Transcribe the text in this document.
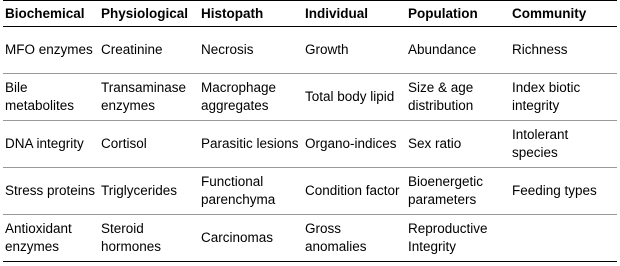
Biochemical	Physiological	Histopath	Individual	Population	Community
MFO enzymes	Creatinine	Necrosis	Growth	Abundance	Richness
Bile metabolites	Transaminase enzymes	Macrophage aggregates	Total body lipid	Size & age distribution	Index biotic integrity
DNA integrity	Cortisol	Parasitic lesions	Organo-indices	Sex ratio	Intolerant species
Stress proteins	Triglycerides	Functional parenchyma	Condition factor	Bioenergetic parameters	Feeding types
Antioxidant enzymes	Steroid hormones	Carcinomas	Gross anomalies	Reproductive Integrity	
